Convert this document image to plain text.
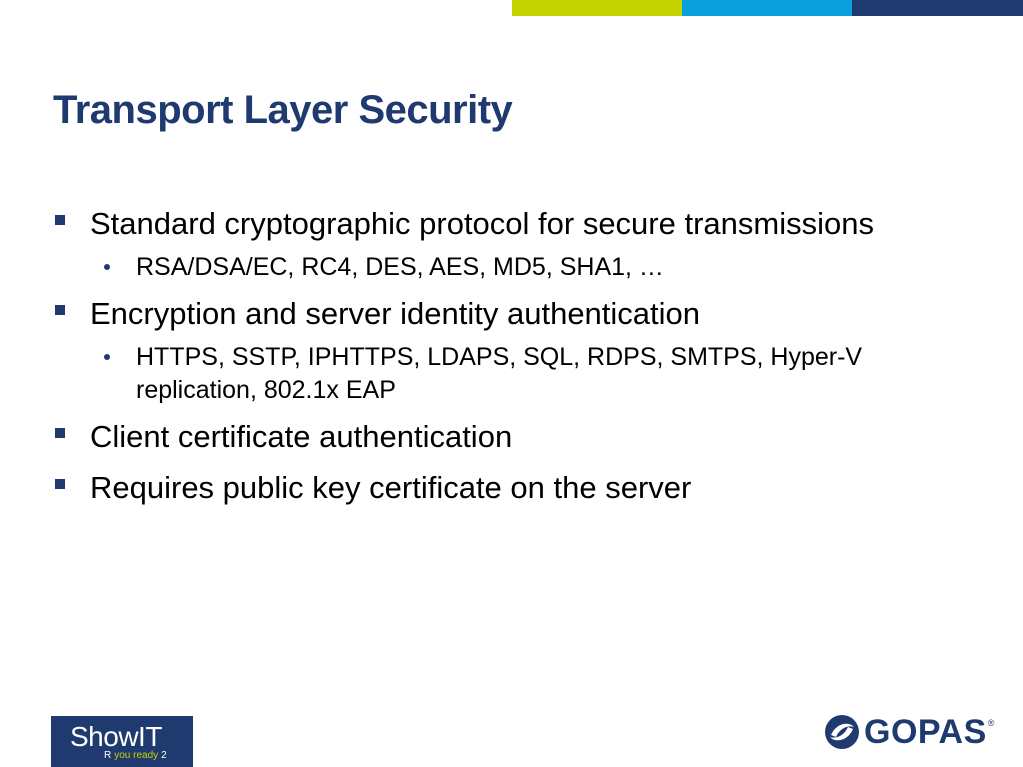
Transport Layer Security
Standard cryptographic protocol for secure transmissions
RSA/DSA/EC, RC4, DES, AES, MD5, SHA1, …
Encryption and server identity authentication
HTTPS, SSTP, IPHTTPS, LDAPS, SQL, RDPS, SMTPS, Hyper-V replication, 802.1x EAP
Client certificate authentication
Requires public key certificate on the server
ShowIT
R you ready 2
GOPAS ®
